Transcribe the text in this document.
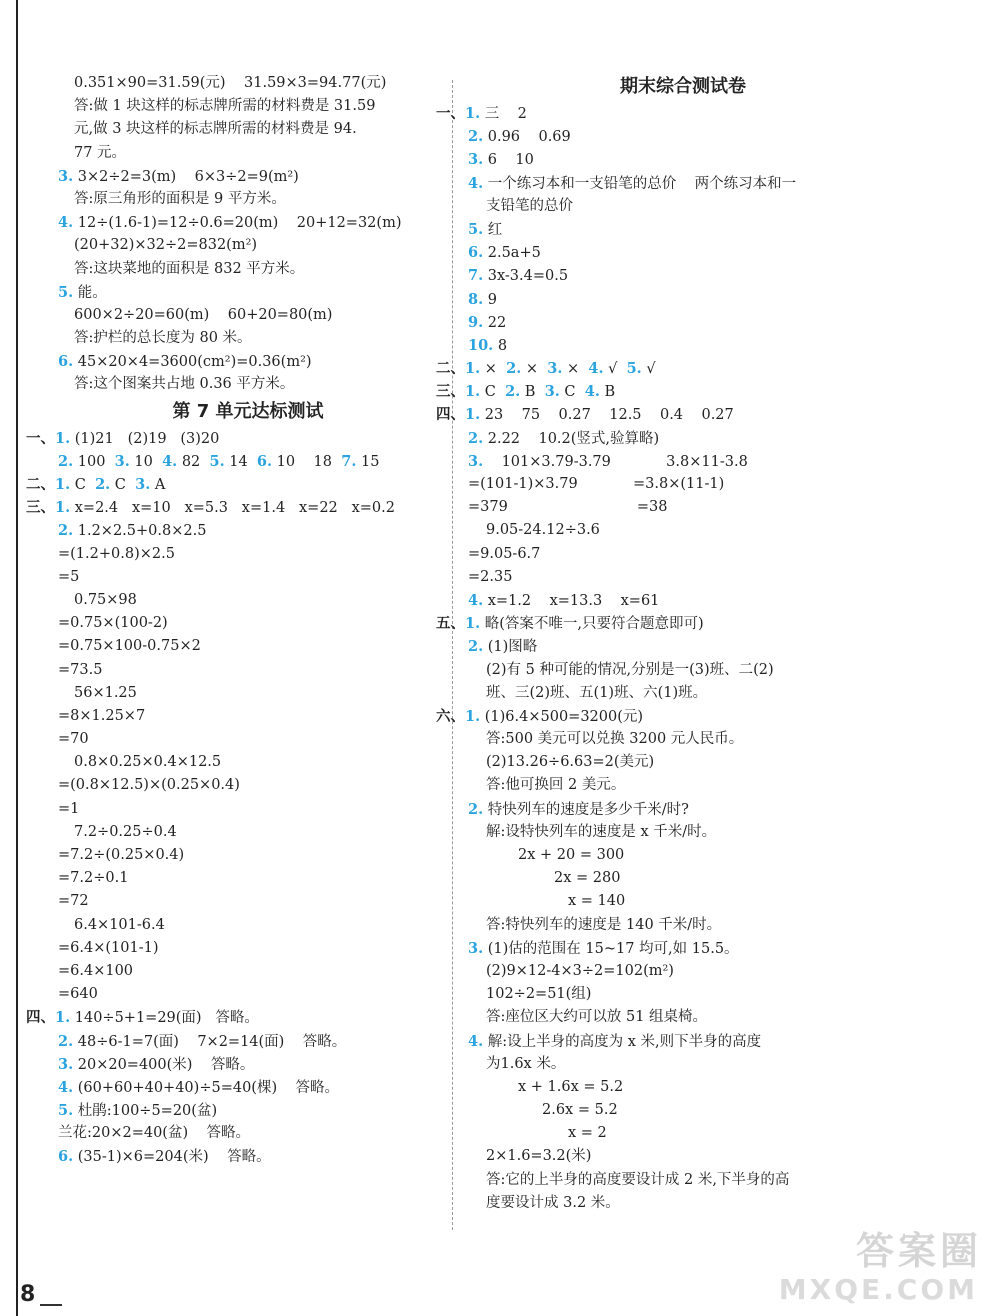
0.351×90=31.59(元)    31.59×3=94.77(元)
答:做 1 块这样的标志牌所需的材料费是 31.59
元,做 3 块这样的标志牌所需的材料费是 94.
77 元。
3. 3×2÷2=3(m)    6×3÷2=9(m²)
答:原三角形的面积是 9 平方米。
4. 12÷(1.6-1)=12÷0.6=20(m)    20+12=32(m)
(20+32)×32÷2=832(m²)
答:这块菜地的面积是 832 平方米。
5. 能。
600×2÷20=60(m)    60+20=80(m)
答:护栏的总长度为 80 米。
6. 45×20×4=3600(cm²)=0.36(m²)
答:这个图案共占地 0.36 平方米。
第 7 单元达标测试
一、1. (1)21   (2)19   (3)20
2. 100  3. 10  4. 82  5. 14  6. 10    18  7. 15
二、1. C  2. C  3. A
三、1. x=2.4   x=10   x=5.3   x=1.4   x=22   x=0.2
2. 1.2×2.5+0.8×2.5
=(1.2+0.8)×2.5
=5
0.75×98
=0.75×(100-2)
=0.75×100-0.75×2
=73.5
56×1.25
=8×1.25×7
=70
0.8×0.25×0.4×12.5
=(0.8×12.5)×(0.25×0.4)
=1
7.2÷0.25÷0.4
=7.2÷(0.25×0.4)
=7.2÷0.1
=72
6.4×101-6.4
=6.4×(101-1)
=6.4×100
=640
四、1. 140÷5+1=29(面)   答略。
2. 48÷6-1=7(面)    7×2=14(面)    答略。
3. 20×20=400(米)    答略。
4. (60+60+40+40)÷5=40(棵)    答略。
5. 杜鹃:100÷5=20(盆)
兰花:20×2=40(盆)    答略。
6. (35-1)×6=204(米)    答略。
期末综合测试卷
一、1. 三    2
2. 0.96    0.69
3. 6    10
4. 一个练习本和一支铅笔的总价    两个练习本和一
支铅笔的总价
5. 红
6. 2.5a+5
7. 3x-3.4=0.5
8. 9
9. 22
10. 8
二、1. ×  2. ×  3. ×  4. √  5. √
三、1. C  2. B  3. C  4. B
四、1. 23    75    0.27    12.5    0.4    0.27
2. 2.22    10.2(竖式,验算略)
3.    101×3.79-3.79            3.8×11-3.8
=(101-1)×3.79            =3.8×(11-1)
=379                            =38
9.05-24.12÷3.6
=9.05-6.7
=2.35
4. x=1.2    x=13.3    x=61
五、1. 略(答案不唯一,只要符合题意即可)
2. (1)图略
(2)有 5 种可能的情况,分别是一(3)班、二(2)
班、三(2)班、五(1)班、六(1)班。
六、1. (1)6.4×500=3200(元)
答:500 美元可以兑换 3200 元人民币。
(2)13.26÷6.63=2(美元)
答:他可换回 2 美元。
2. 特快列车的速度是多少千米/时?
解:设特快列车的速度是 x 千米/时。
2x + 20 = 300
2x = 280
x = 140
答:特快列车的速度是 140 千米/时。
3. (1)估的范围在 15~17 均可,如 15.5。
(2)9×12-4×3÷2=102(m²)
102÷2=51(组)
答:座位区大约可以放 51 组桌椅。
4. 解:设上半身的高度为 x 米,则下半身的高度
为1.6x 米。
x + 1.6x = 5.2
2.6x = 5.2
x = 2
2×1.6=3.2(米)
答:它的上半身的高度要设计成 2 米,下半身的高
度要设计成 3.2 米。
8
答案圈
MXQE.COM
